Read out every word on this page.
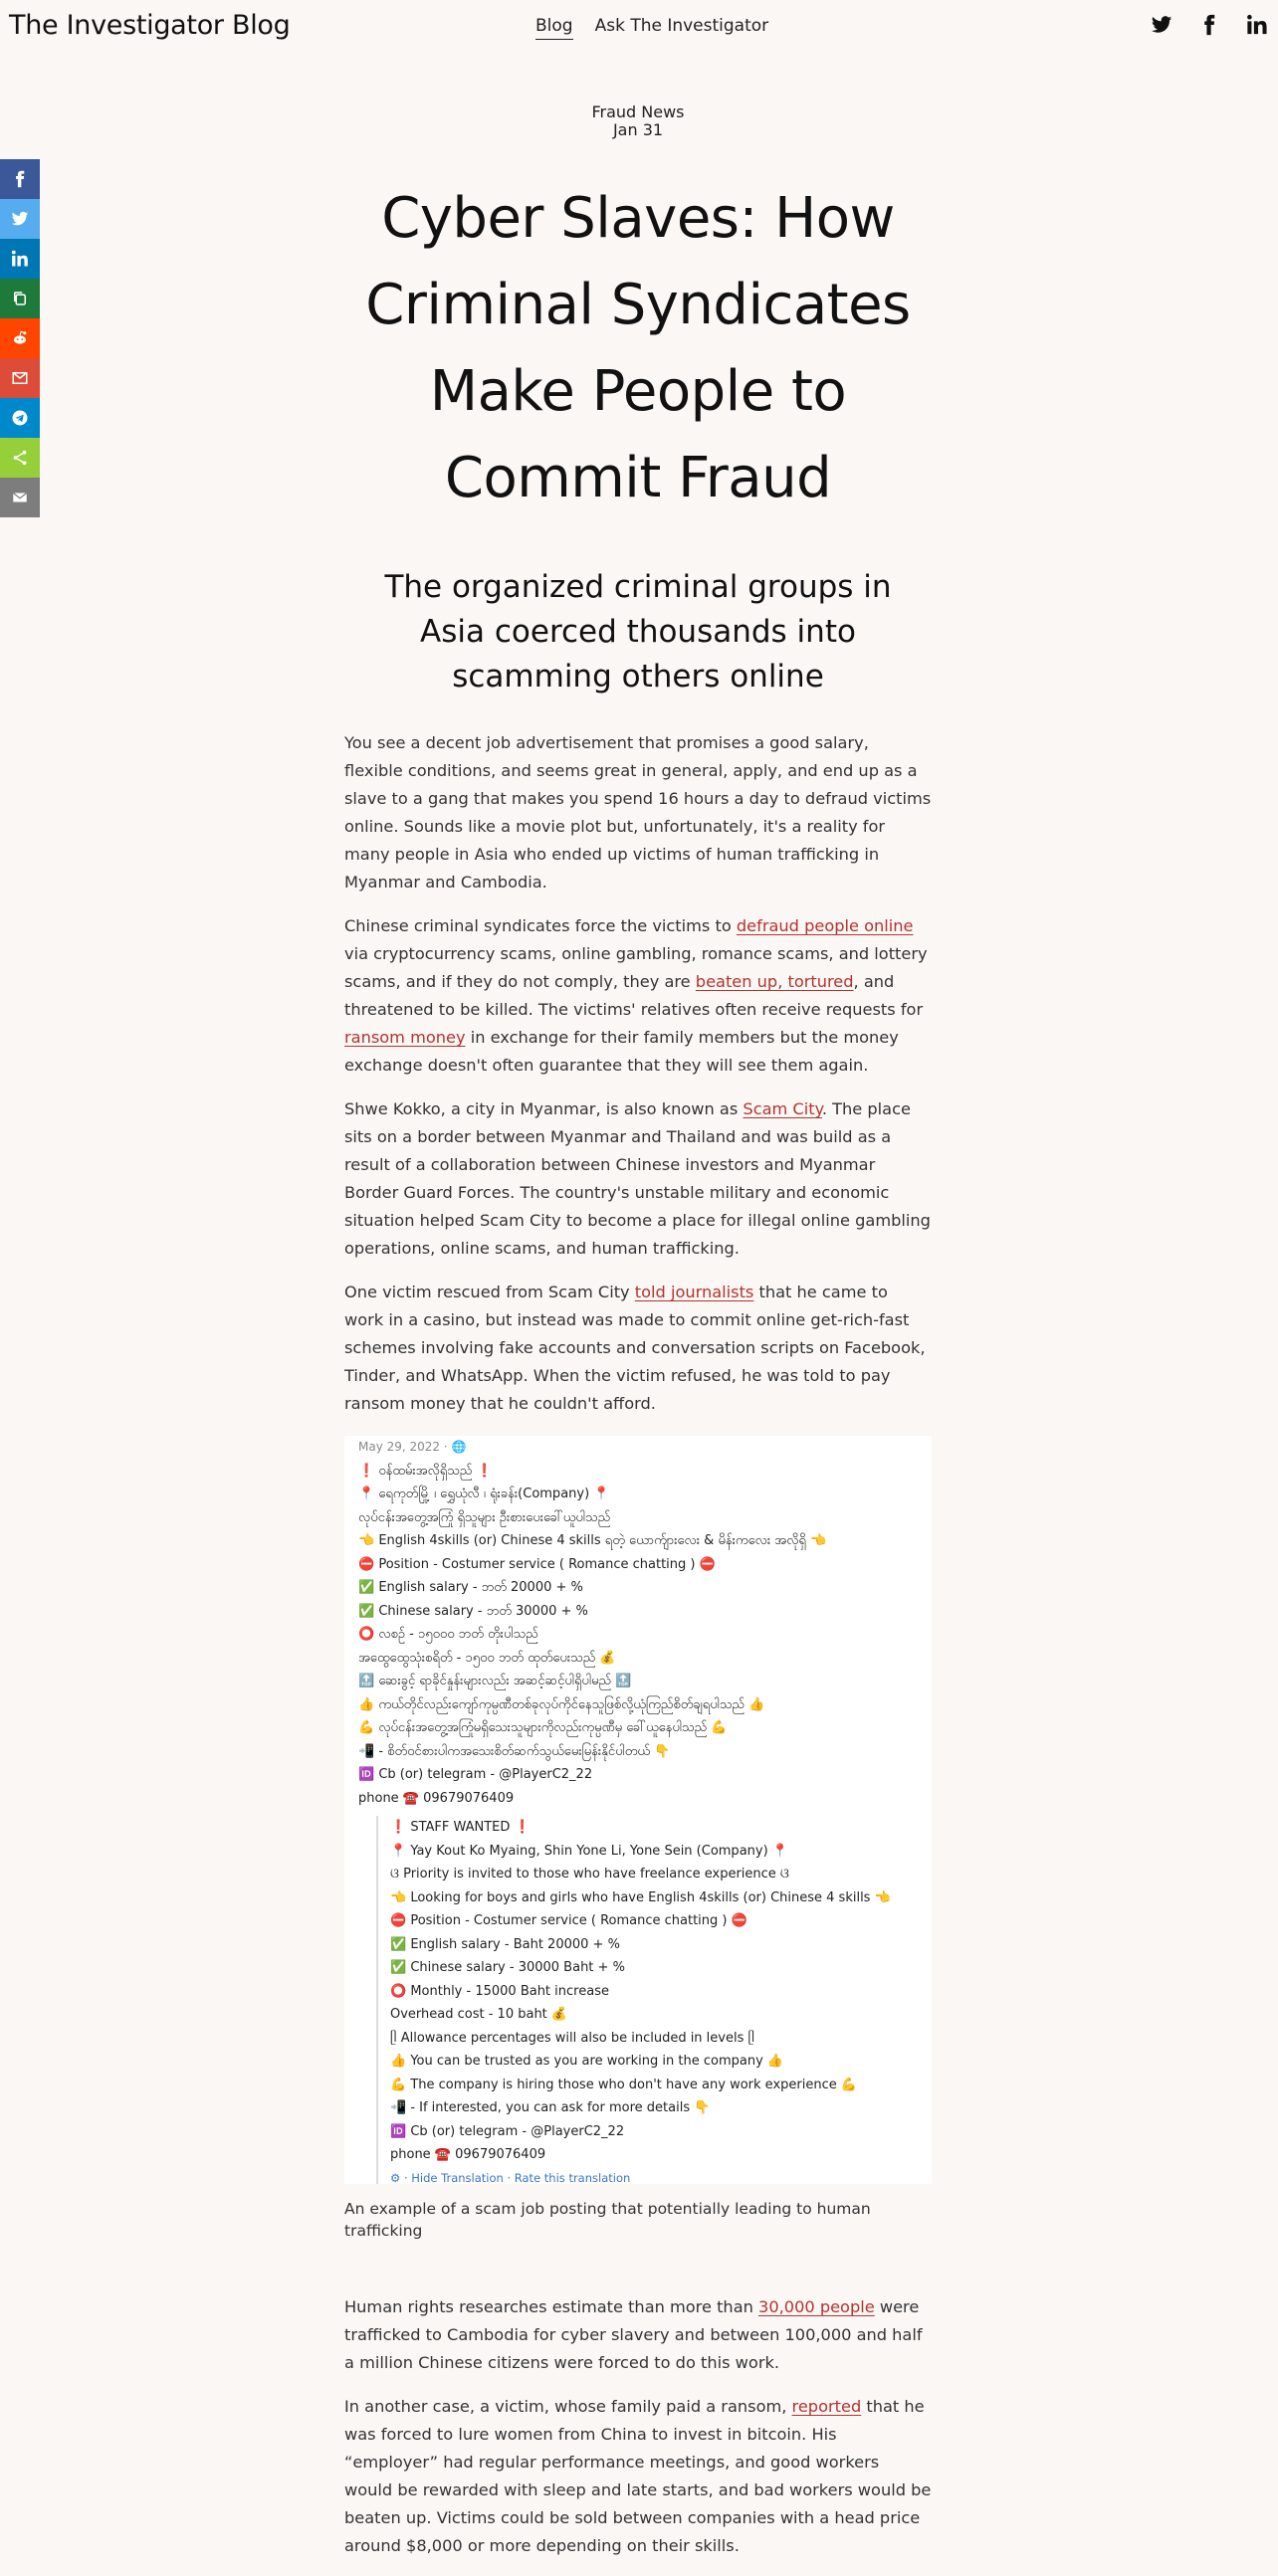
The Investigator Blog	Blog Ask The Investigator
Fraud News
Jan 31
Cyber Slaves: How Criminal Syndicates Make People to Commit Fraud
The organized criminal groups in Asia coerced thousands into scamming others online

You see a decent job advertisement that promises a good salary, flexible conditions, and seems great in general, apply, and end up as a slave to a gang that makes you spend 16 hours a day to defraud victims online. Sounds like a movie plot but, unfortunately, it's a reality for many people in Asia who ended up victims of human trafficking in Myanmar and Cambodia.

Chinese criminal syndicates force the victims to defraud people online via cryptocurrency scams, online gambling, romance scams, and lottery scams, and if they do not comply, they are beaten up, tortured, and threatened to be killed. The victims' relatives often receive requests for ransom money in exchange for their family members but the money exchange doesn't often guarantee that they will see them again.

Shwe Kokko, a city in Myanmar, is also known as Scam City. The place sits on a border between Myanmar and Thailand and was build as a result of a collaboration between Chinese investors and Myanmar Border Guard Forces. The country's unstable military and economic situation helped Scam City to become a place for illegal online gambling operations, online scams, and human trafficking.

One victim rescued from Scam City told journalists that he came to work in a casino, but instead was made to commit online get-rich-fast schemes involving fake accounts and conversation scripts on Facebook, Tinder, and WhatsApp. When the victim refused, he was told to pay ransom money that he couldn't afford.

May 29, 2022 · 🌐
❗ ဝန်ထမ်းအလိုရှိသည် ❗
📍 ရေကုတ်မြို့ ၊ ရွှေယုံလီ ၊ ရုံးခန်း(Company) 📍
လုပ်ငန်းအတွေ့အကြုံ ရှိသူများ ဦးစားပေးခေါ်ယူပါသည်
👈 English 4skills (or) Chinese 4 skills ရတဲ့ ယောက်ျားလေး & မိန်းကလေး အလိုရှိ 👈
⛔ Position - Costumer service ( Romance chatting ) ⛔
✅ English salary - ဘတ် 20000 + %
✅ Chinese salary - ဘတ် 30000 + %
⭕ လစဉ် - ၁၅၀၀၀ ဘတ် တိုးပါသည်
အထွေထွေသုံးစရိတ် - ၁၅၀၀ ဘတ် ထုတ်ပေးသည် 💰
🔝 ဆေးခွင့် ရာခိုင်နှုန်းများလည်း အဆင့်ဆင့်ပါရှိပါမည် 🔝
👍 ကယ်တိုင်လည်းကျော်ကုမ္ပဏီတစ်ခုလုပ်ကိုင်နေသူဖြစ်လို့ယုံကြည်စိတ်ချရပါသည် 👍
💪 လုပ်ငန်းအတွေ့အကြုံမရှိသေးသူများကိုလည်းကုမ္ပဏီမှ ခေါ်ယူနေပါသည် 💪
📲 - စိတ်ဝင်စားပါကအသေးစိတ်ဆက်သွယ်မေးမြန်းနိုင်ပါတယ် 👇
🆔 Cb (or) telegram - @PlayerC2_22
phone ☎️ 09679076409
❗ STAFF WANTED ❗
📍 Yay Kout Ko Myaing, Shin Yone Li, Yone Sein (Company) 📍
ଓ Priority is invited to those who have freelance experience ଓ
👈 Looking for boys and girls who have English 4skills (or) Chinese 4 skills 👈
⛔ Position - Costumer service ( Romance chatting ) ⛔
✅ English salary - Baht 20000 + %
✅ Chinese salary - 30000 Baht + %
⭕ Monthly - 15000 Baht increase
Overhead cost - 10 baht 💰
ᥫ Allowance percentages will also be included in levels ᥫ
👍 You can be trusted as you are working in the company 👍
💪 The company is hiring those who don't have any work experience 💪
📲 - If interested, you can ask for more details 👇
🆔 Cb (or) telegram - @PlayerC2_22
phone ☎️ 09679076409
⚙ · Hide Translation · Rate this translation
An example of a scam job posting that potentially leading to human trafficking

Human rights researches estimate than more than 30,000 people were trafficked to Cambodia for cyber slavery and between 100,000 and half a million Chinese citizens were forced to do this work.

In another case, a victim, whose family paid a ransom, reported that he was forced to lure women from China to invest in bitcoin. His “employer” had regular performance meetings, and good workers would be rewarded with sleep and late starts, and bad workers would be beaten up. Victims could be sold between companies with a head price around $8,000 or more depending on their skills.
